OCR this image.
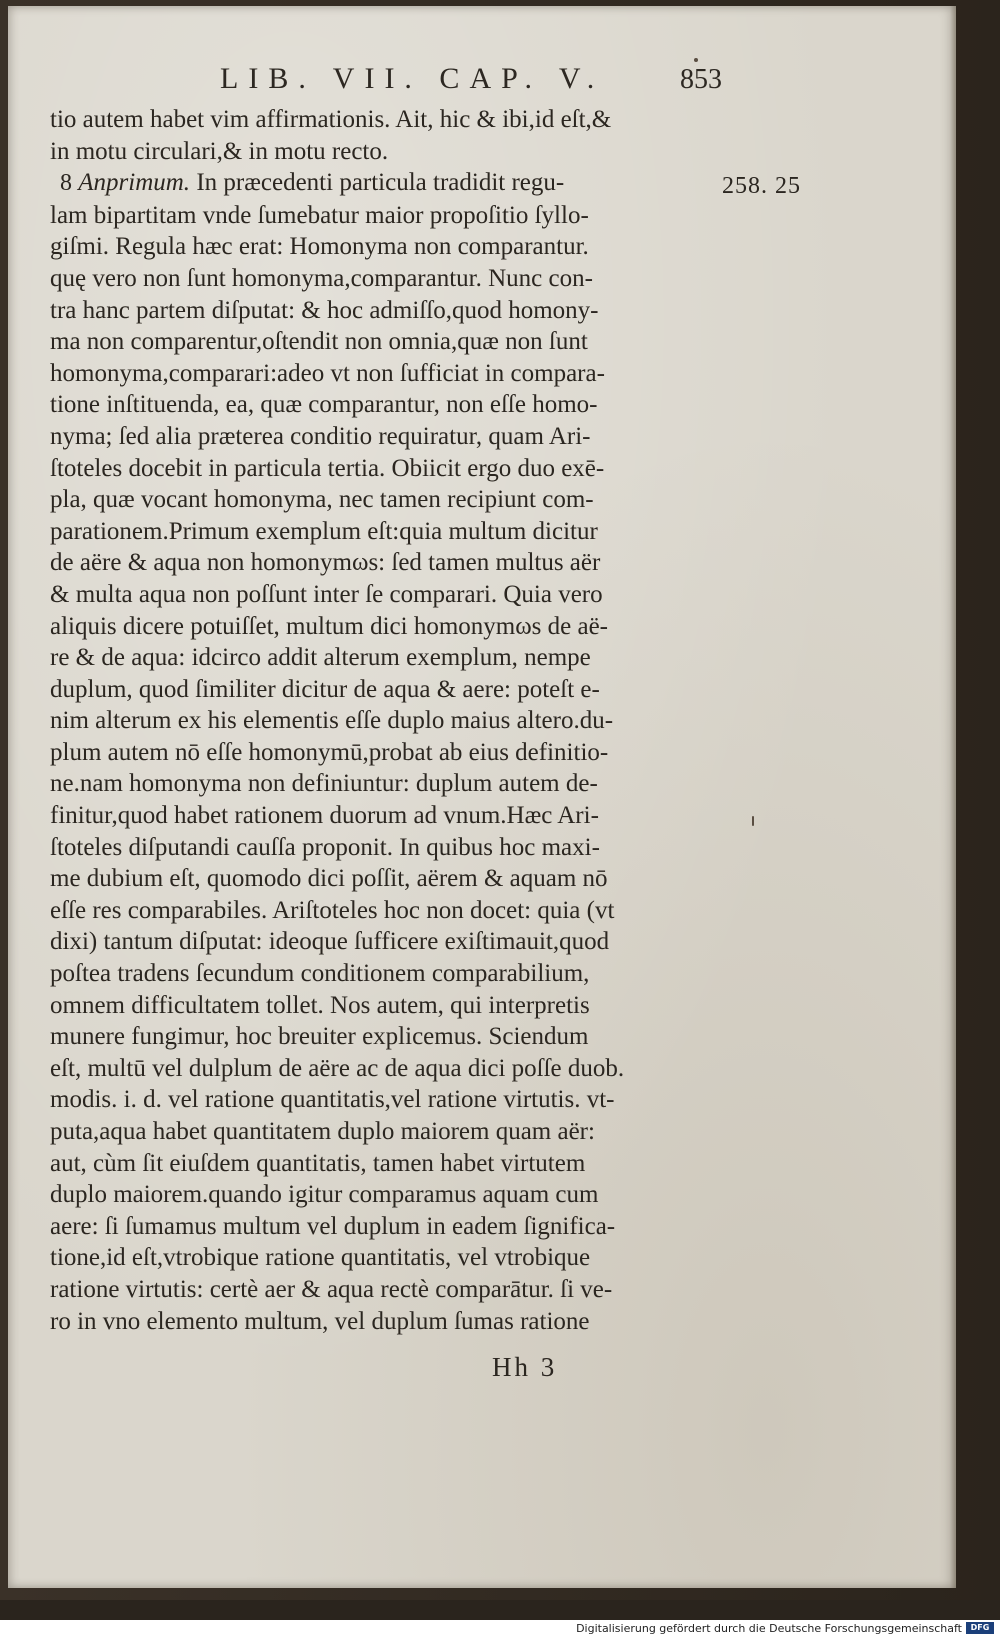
LIB. VII. CAP. V.	853
258. 25
tio autem habet vim affirmationis. Ait, hic & ibi,id eſt,&
in motu circulari,& in motu recto.
8 Anprimum. In præcedenti particula tradidit regu-
lam bipartitam vnde ſumebatur maior propoſitio ſyllo-
giſmi. Regula hæc erat: Homonyma non comparantur.
quę vero non ſunt homonyma,comparantur. Nunc con-
tra hanc partem diſputat: & hoc admiſſo,quod homony-
ma non comparentur,oſtendit non omnia,quæ non ſunt
homonyma,comparari:adeo vt non ſufficiat in compara-
tione inſtituenda, ea, quæ comparantur, non eſſe homo-
nyma; ſed alia præterea conditio requiratur, quam Ari-
ſtoteles docebit in particula tertia. Obiicit ergo duo exē-
pla, quæ vocant homonyma, nec tamen recipiunt com-
parationem.Primum exemplum eſt:quia multum dicitur
de aëre & aqua non homonymωs: ſed tamen multus aër
& multa aqua non poſſunt inter ſe comparari. Quia vero
aliquis dicere potuiſſet, multum dici homonymωs de aë-
re & de aqua: idcirco addit alterum exemplum, nempe
duplum, quod ſimiliter dicitur de aqua & aere: poteſt e-
nim alterum ex his elementis eſſe duplo maius altero.du-
plum autem nō eſſe homonymū,probat ab eius definitio-
ne.nam homonyma non definiuntur: duplum autem de-
finitur,quod habet rationem duorum ad vnum.Hæc Ari-
ſtoteles diſputandi cauſſa proponit. In quibus hoc maxi-
me dubium eſt, quomodo dici poſſit, aërem & aquam nō
eſſe res comparabiles. Ariſtoteles hoc non docet: quia (vt
dixi) tantum diſputat: ideoque ſufficere exiſtimauit,quod
poſtea tradens ſecundum conditionem comparabilium,
omnem difficultatem tollet. Nos autem, qui interpretis
munere fungimur, hoc breuiter explicemus. Sciendum
eſt, multū vel dulplum de aëre ac de aqua dici poſſe duob.
modis. i. d. vel ratione quantitatis,vel ratione virtutis. vt-
puta,aqua habet quantitatem duplo maiorem quam aër:
aut, cùm ſit eiuſdem quantitatis, tamen habet virtutem
duplo maiorem.quando igitur comparamus aquam cum
aere: ſi ſumamus multum vel duplum in eadem ſignifica-
tione,id eſt,vtrobique ratione quantitatis, vel vtrobique
ratione virtutis: certè aer & aqua rectè comparātur. ſi ve-
ro in vno elemento multum, vel duplum ſumas ratione
Hh 3
Digitalisierung gefördert durch die Deutsche Forschungsgemeinschaft	DFG
